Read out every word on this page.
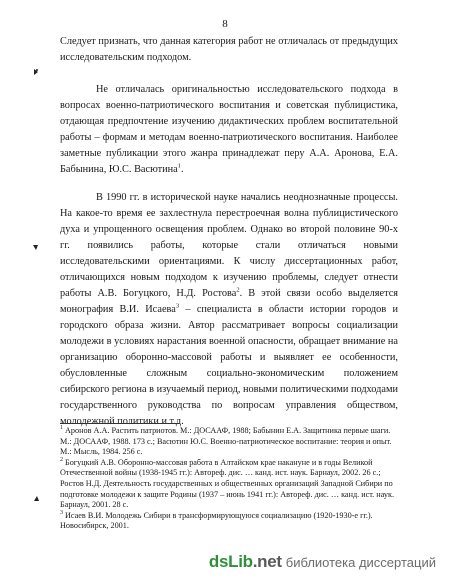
8

Следует признать, что данная категория работ не отличалась от предыдущих исследовательским подходом.

Не отличалась оригинальностью исследовательского подхода в вопросах военно-патриотического воспитания и советская публицистика, отдающая предпочтение изучению дидактических проблем воспитательной работы – формам и методам военно-патриотического воспитания. Наиболее заметные публикации этого жанра принадлежат перу А.А. Аронова, Е.А. Бабынина, Ю.С. Васютина$^1$.

В 1990 гг. в исторической науке начались неоднозначные процессы. На какое-то время ее захлестнула перестроечная волна публицистического духа и упрощенного освещения проблем. Однако во второй половине 90-х гг. появились работы, которые стали отличаться новыми исследовательскими ориентациями. К числу диссертационных работ, отличающихся новым подходом к изучению проблемы, следует отнести работы А.В. Богуцкого, Н.Д. Ростова$^2$. В этой связи особо выделяется монография В.И. Исаева$^3$ – специалиста в области истории городов и городского образа жизни. Автор рассматривает вопросы социализации молодежи в условиях нарастания военной опасности, обращает внимание на организацию оборонно-массовой работы и выявляет ее особенности, обусловленные сложным социально-экономическим положением сибирского региона в изучаемый период, новыми политическими подходами государственного руководства по вопросам управления обществом, молодежной политики и т.д.

$^1$ Аронов А.А. Растить патриотов. М.: ДОСААФ, 1988; Бабынин Е.А. Защитника первые шаги. М.: ДОСААФ, 1988. 173 с.; Васютин Ю.С. Военно-патриотическое воспитание: теория и опыт. М.: Мысль, 1984. 256 с.
$^2$ Богуцкий А.В. Оборонно-массовая работа в Алтайском крае накануне и в годы Великой Отечественной войны (1938-1945 гг.): Автореф. дис. … канд. ист. наук. Барнаул, 2002. 26 с.; Ростов Н.Д. Деятельность государственных и общественных организаций Западной Сибири по подготовке молодежи к защите Родины (1937 – июнь 1941 гг.): Автореф. дис. … канд. ист. наук. Барнаул, 2001. 28 с.
$^3$ Исаев В.И. Молодежь Сибири в трансформирующуюся социализацию (1920-1930-е гг.). Новосибирск, 2001.
dsLib.net библиотека диссертаций
